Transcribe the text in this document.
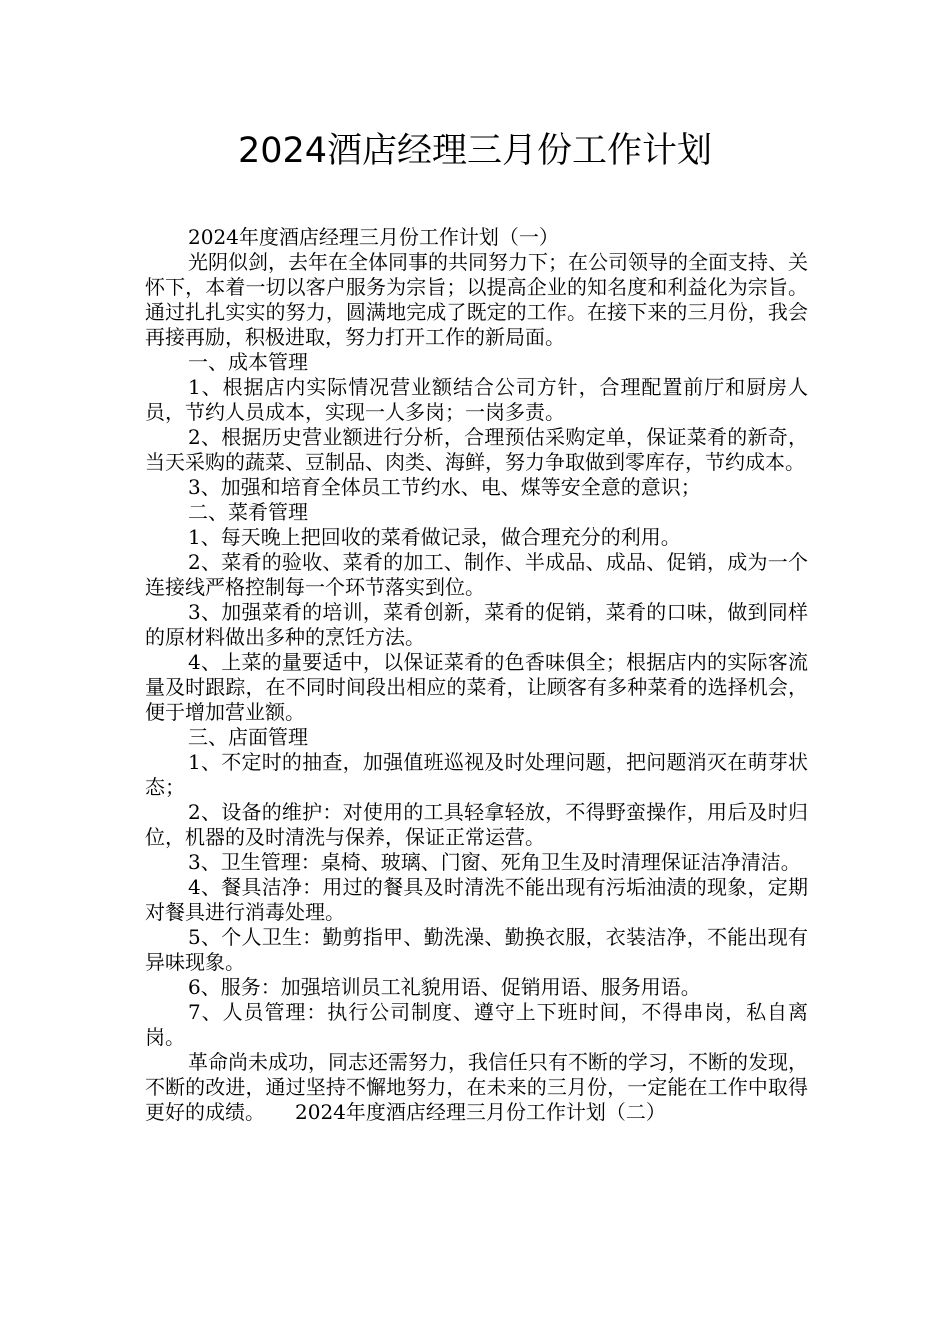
2024酒店经理三月份工作计划

2024年度酒店经理三月份工作计划（一）

光阴似剑，去年在全体同事的共同努力下；在公司领导的全面支持、关怀下，本着一切以客户服务为宗旨；以提高企业的知名度和利益化为宗旨。通过扎扎实实的努力，圆满地完成了既定的工作。在接下来的三月份，我会再接再励，积极进取，努力打开工作的新局面。

一、成本管理

1、根据店内实际情况营业额结合公司方针，合理配置前厅和厨房人员，节约人员成本，实现一人多岗；一岗多责。

2、根据历史营业额进行分析，合理预估采购定单，保证菜肴的新奇，当天采购的蔬菜、豆制品、肉类、海鲜，努力争取做到零库存，节约成本。

3、加强和培育全体员工节约水、电、煤等安全意的意识；

二、菜肴管理

1、每天晚上把回收的菜肴做记录，做合理充分的利用。

2、菜肴的验收、菜肴的加工、制作、半成品、成品、促销，成为一个连接线严格控制每一个环节落实到位。

3、加强菜肴的培训，菜肴创新，菜肴的促销，菜肴的口味，做到同样的原材料做出多种的烹饪方法。

4、上菜的量要适中，以保证菜肴的色香味俱全；根据店内的实际客流量及时跟踪，在不同时间段出相应的菜肴，让顾客有多种菜肴的选择机会，便于增加营业额。

三、店面管理

1、不定时的抽查，加强值班巡视及时处理问题，把问题消灭在萌芽状态；

2、设备的维护：对使用的工具轻拿轻放，不得野蛮操作，用后及时归位，机器的及时清洗与保养，保证正常运营。

3、卫生管理：桌椅、玻璃、门窗、死角卫生及时清理保证洁净清洁。

4、餐具洁净：用过的餐具及时清洗不能出现有污垢油渍的现象，定期对餐具进行消毒处理。

5、个人卫生：勤剪指甲、勤洗澡、勤换衣服，衣装洁净，不能出现有异味现象。

6、服务：加强培训员工礼貌用语、促销用语、服务用语。

7、人员管理：执行公司制度、遵守上下班时间，不得串岗，私自离岗。

革命尚未成功，同志还需努力，我信任只有不断的学习，不断的发现，不断的改进，通过坚持不懈地努力，在未来的三月份，一定能在工作中取得更好的成绩。　　2024年度酒店经理三月份工作计划（二）
